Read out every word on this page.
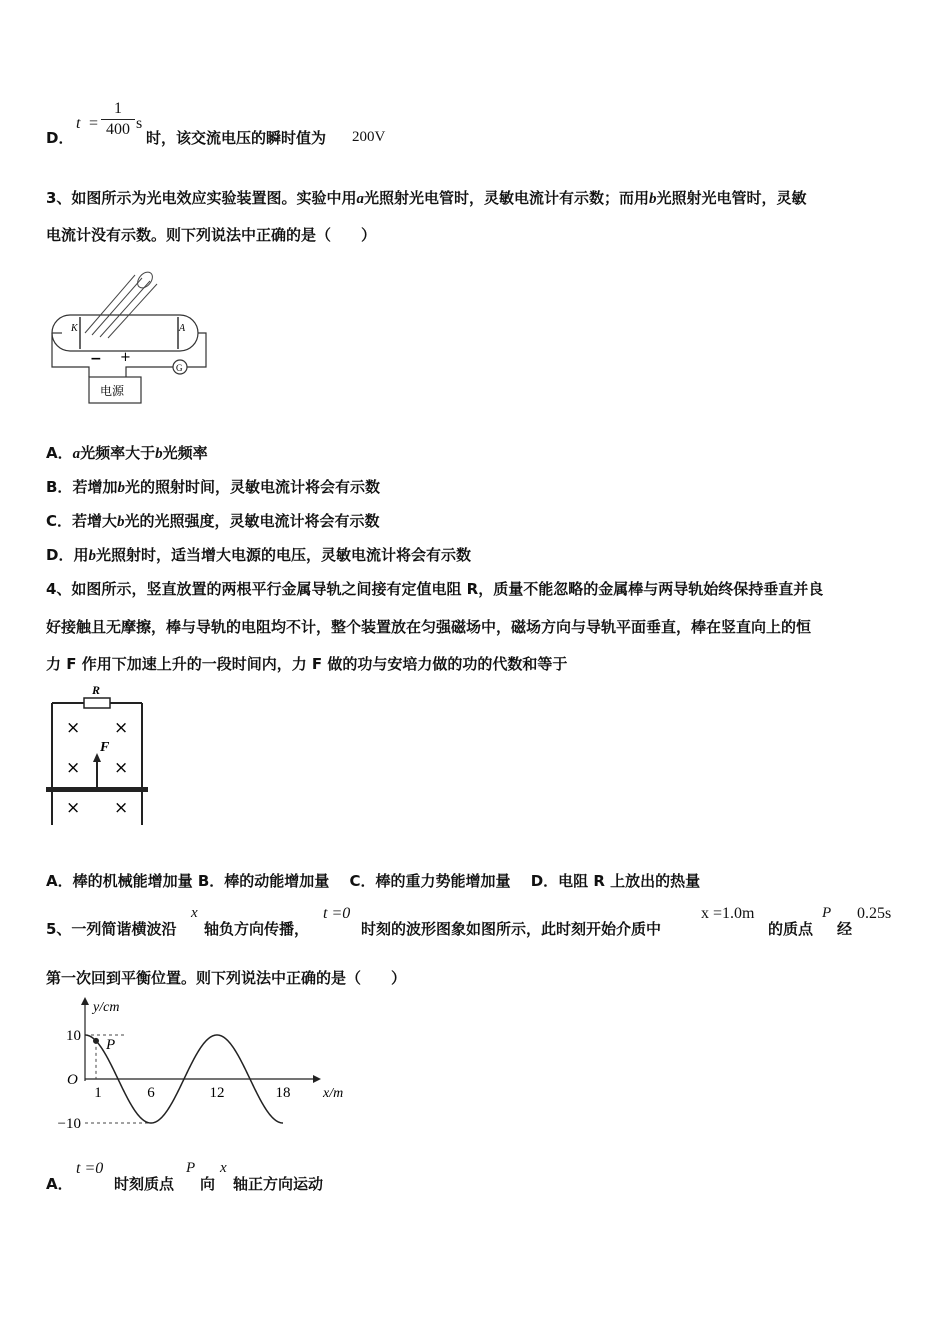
D．
t =
1
400 s
时，该交流电压的瞬时值为 200V
3、如图所示为光电效应实验装置图。实验中用a光照射光电管时，灵敏电流计有示数；而用b光照射光电管时，灵敏
电流计没有示数。则下列说法中正确的是（　　）
K	A
G
− +
电源
A．a光频率大于b光频率
B．若增加b光的照射时间，灵敏电流计将会有示数
C．若增大b光的光照强度，灵敏电流计将会有示数
D．用b光照射时，适当增大电源的电压，灵敏电流计将会有示数
4、如图所示，竖直放置的两根平行金属导轨之间接有定值电阻 R，质量不能忽略的金属棒与两导轨始终保持垂直并良
好接触且无摩擦，棒与导轨的电阻均不计，整个装置放在匀强磁场中，磁场方向与导轨平面垂直，棒在竖直向上的恒
力 F 作用下加速上升的一段时间内，力 F 做的功与安培力做的功的代数和等于
R
× ×
× ×
× ×
F
A．棒的机械能增加量 B．棒的动能增加量　 C．棒的重力势能增加量　 D．电阻 R 上放出的热量
5、一列简谐横波沿
x
轴负方向传播，
t =0
时刻的波形图象如图所示，此时刻开始介质中
x =1.0m
的质点
P
经
0.25s
第一次回到平衡位置。则下列说法中正确的是（　　）
y/cm
x/m
O
10
−10
1	6	12	18
P
A．
t =0
时刻质点
P
向
x
轴正方向运动
